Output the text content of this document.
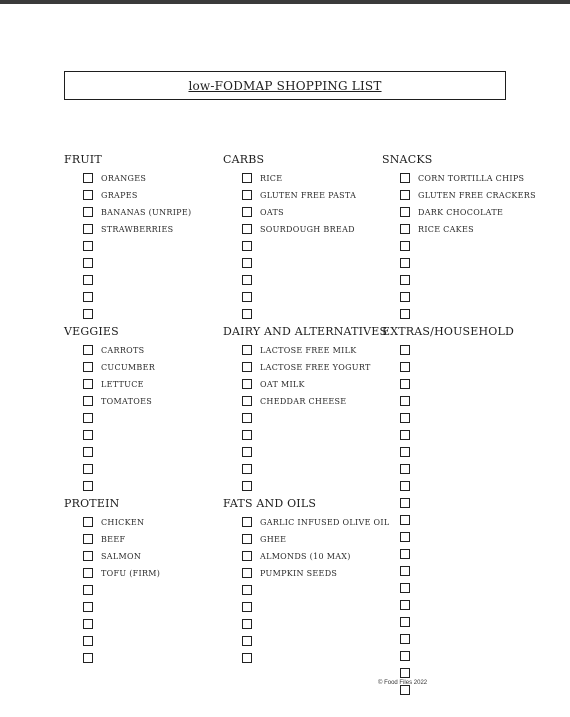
low-FODMAP SHOPPING LIST
FRUIT
ORANGES
GRAPES
BANANAS (UNRIPE)
STRAWBERRIES
VEGGIES
CARROTS
CUCUMBER
LETTUCE
TOMATOES
PROTEIN
CHICKEN
BEEF
SALMON
TOFU (FIRM)
CARBS
RICE
GLUTEN FREE PASTA
OATS
SOURDOUGH BREAD
DAIRY AND ALTERNATIVES
LACTOSE FREE MILK
LACTOSE FREE YOGURT
OAT MILK
CHEDDAR CHEESE
FATS AND OILS
GARLIC INFUSED OLIVE OIL
GHEE
ALMONDS (10 MAX)
PUMPKIN SEEDS
SNACKS
CORN TORTILLA CHIPS
GLUTEN FREE CRACKERS
DARK CHOCOLATE
RICE CAKES
EXTRAS/HOUSEHOLD
© Food Files 2022
